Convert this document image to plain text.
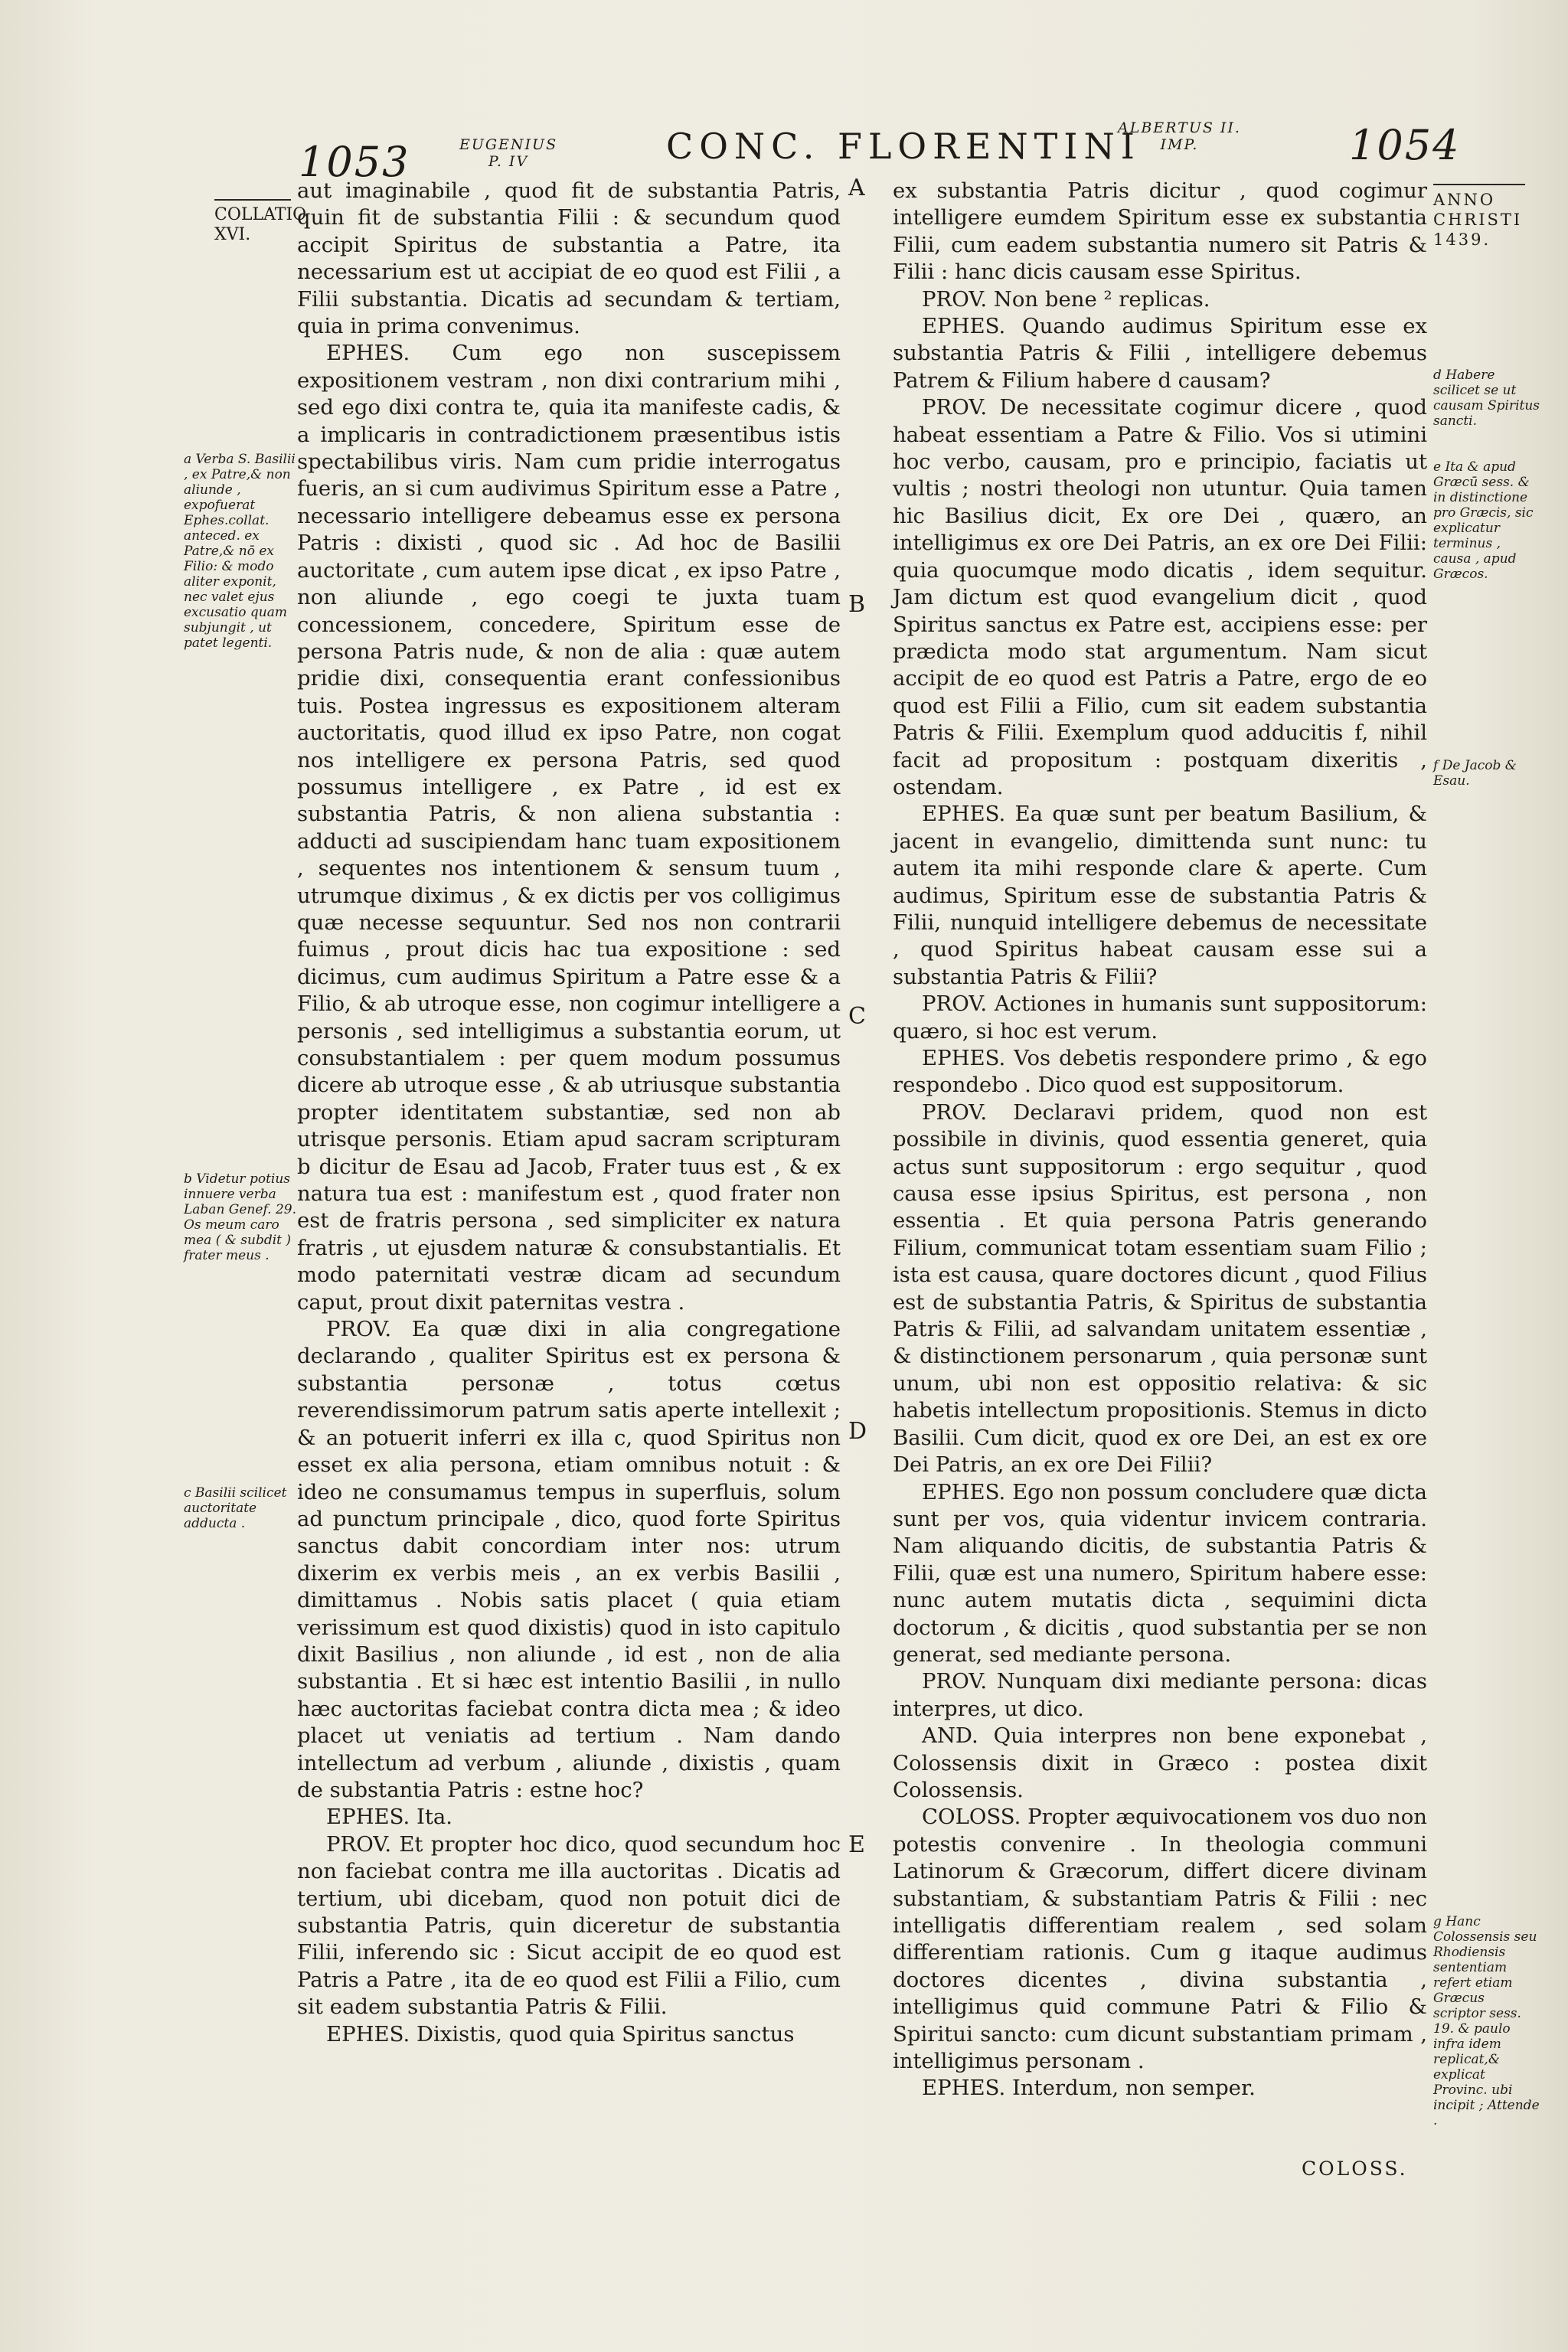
1053	EUGENIUS
P. IV	CONC. FLORENTINI
ALBERTUS II.
IMP.	1054
COLLATIO
XVI.
ANNO
CHRISTI
1439.

a Verba S. Basilii , ex Patre,& non aliunde , expofuerat Ephes.collat. anteced. ex Patre,& nō ex Filio: & modo aliter exponit, nec valet ejus excusatio quam subjungit , ut patet legenti.

b Videtur potius innuere verba Laban Genef. 29. Os meum caro mea ( & subdit ) frater meus .

c Basilii scilicet auctoritate adducta .

d Habere scilicet se ut causam Spiritus sancti.

e Ita & apud Græcū sess. & in distinctione pro Græcis, sic explicatur terminus , causa , apud Græcos.

f De Jacob & Esau.

g Hanc Colossensis seu Rhodiensis sententiam refert etiam Græcus scriptor sess. 19. & paulo infra idem replicat,& explicat Provinc. ubi incipit ; Attende .

A
B
C
D
E

aut imaginabile , quod fit de substantia Patris, quin fit de substantia Filii : & secundum quod accipit Spiritus de substantia a Patre, ita necessarium est ut accipiat de eo quod est Filii , a Filii substantia. Dicatis ad secundam & tertiam, quia in prima convenimus.

EPHES. Cum ego non suscepissem expositionem vestram , non dixi contrarium mihi , sed ego dixi contra te, quia ita manifeste cadis, & a implicaris in contradictionem præsentibus istis spectabilibus viris. Nam cum pridie interrogatus fueris, an si cum audivimus Spiritum esse a Patre , necessario intelligere debeamus esse ex persona Patris : dixisti , quod sic . Ad hoc de Basilii auctoritate , cum autem ipse dicat , ex ipso Patre , non aliunde , ego coegi te juxta tuam concessionem, concedere, Spiritum esse de persona Patris nude, & non de alia : quæ autem pridie dixi, consequentia erant confessionibus tuis. Postea ingressus es expositionem alteram auctoritatis, quod illud ex ipso Patre, non cogat nos intelligere ex persona Patris, sed quod possumus intelligere , ex Patre , id est ex substantia Patris, & non aliena substantia : adducti ad suscipiendam hanc tuam expositionem , sequentes nos intentionem & sensum tuum , utrumque diximus , & ex dictis per vos colligimus quæ necesse sequuntur. Sed nos non contrarii fuimus , prout dicis hac tua expositione : sed dicimus, cum audimus Spiritum a Patre esse & a Filio, & ab utroque esse, non cogimur intelligere a personis , sed intelligimus a substantia eorum, ut consubstantialem : per quem modum possumus dicere ab utroque esse , & ab utriusque substantia propter identitatem substantiæ, sed non ab utrisque personis. Etiam apud sacram scripturam b dicitur de Esau ad Jacob, Frater tuus est , & ex natura tua est : manifestum est , quod frater non est de fratris persona , sed simpliciter ex natura fratris , ut ejusdem naturæ & consubstantialis. Et modo paternitati vestræ dicam ad secundum caput, prout dixit paternitas vestra .

PROV. Ea quæ dixi in alia congregatione declarando , qualiter Spiritus est ex persona & substantia personæ , totus cœtus reverendissimorum patrum satis aperte intellexit ; & an potuerit inferri ex illa c, quod Spiritus non esset ex alia persona, etiam omnibus notuit : & ideo ne consumamus tempus in superfluis, solum ad punctum principale , dico, quod forte Spiritus sanctus dabit concordiam inter nos: utrum dixerim ex verbis meis , an ex verbis Basilii , dimittamus . Nobis satis placet ( quia etiam verissimum est quod dixistis) quod in isto capitulo dixit Basilius , non aliunde , id est , non de alia substantia . Et si hæc est intentio Basilii , in nullo hæc auctoritas faciebat contra dicta mea ; & ideo placet ut veniatis ad tertium . Nam dando intellectum ad verbum , aliunde , dixistis , quam de substantia Patris : estne hoc?

EPHES. Ita.

PROV. Et propter hoc dico, quod secundum hoc non faciebat contra me illa auctoritas . Dicatis ad tertium, ubi dicebam, quod non potuit dici de substantia Patris, quin diceretur de substantia Filii, inferendo sic : Sicut accipit de eo quod est Patris a Patre , ita de eo quod est Filii a Filio, cum sit eadem substantia Patris & Filii.

EPHES. Dixistis, quod quia Spiritus sanctus

ex substantia Patris dicitur , quod cogimur intelligere eumdem Spiritum esse ex substantia Filii, cum eadem substantia numero sit Patris & Filii : hanc dicis causam esse Spiritus.

PROV. Non bene ² replicas.

EPHES. Quando audimus Spiritum esse ex substantia Patris & Filii , intelligere debemus Patrem & Filium habere d causam?

PROV. De necessitate cogimur dicere , quod habeat essentiam a Patre & Filio. Vos si utimini hoc verbo, causam, pro e principio, faciatis ut vultis ; nostri theologi non utuntur. Quia tamen hic Basilius dicit, Ex ore Dei , quæro, an intelligimus ex ore Dei Patris, an ex ore Dei Filii: quia quocumque modo dicatis , idem sequitur. Jam dictum est quod evangelium dicit , quod Spiritus sanctus ex Patre est, accipiens esse: per prædicta modo stat argumentum. Nam sicut accipit de eo quod est Patris a Patre, ergo de eo quod est Filii a Filio, cum sit eadem substantia Patris & Filii. Exemplum quod adducitis f, nihil facit ad propositum : postquam dixeritis , ostendam.

EPHES. Ea quæ sunt per beatum Basilium, & jacent in evangelio, dimittenda sunt nunc: tu autem ita mihi responde clare & aperte. Cum audimus, Spiritum esse de substantia Patris & Filii, nunquid intelligere debemus de necessitate , quod Spiritus habeat causam esse sui a substantia Patris & Filii?

PROV. Actiones in humanis sunt suppositorum: quæro, si hoc est verum.

EPHES. Vos debetis respondere primo , & ego respondebo . Dico quod est suppositorum.

PROV. Declaravi pridem, quod non est possibile in divinis, quod essentia generet, quia actus sunt suppositorum : ergo sequitur , quod causa esse ipsius Spiritus, est persona , non essentia . Et quia persona Patris generando Filium, communicat totam essentiam suam Filio ; ista est causa, quare doctores dicunt , quod Filius est de substantia Patris, & Spiritus de substantia Patris & Filii, ad salvandam unitatem essentiæ , & distinctionem personarum , quia personæ sunt unum, ubi non est oppositio relativa: & sic habetis intellectum propositionis. Stemus in dicto Basilii. Cum dicit, quod ex ore Dei, an est ex ore Dei Patris, an ex ore Dei Filii?

EPHES. Ego non possum concludere quæ dicta sunt per vos, quia videntur invicem contraria. Nam aliquando dicitis, de substantia Patris & Filii, quæ est una numero, Spiritum habere esse: nunc autem mutatis dicta , sequimini dicta doctorum , & dicitis , quod substantia per se non generat, sed mediante persona.

PROV. Nunquam dixi mediante persona: dicas interpres, ut dico.

AND. Quia interpres non bene exponebat , Colossensis dixit in Græco : postea dixit Colossensis.

COLOSS. Propter æquivocationem vos duo non potestis convenire . In theologia communi Latinorum & Græcorum, differt dicere divinam substantiam, & substantiam Patris & Filii : nec intelligatis differentiam realem , sed solam differentiam rationis. Cum g itaque audimus doctores dicentes , divina substantia , intelligimus quid commune Patri & Filio & Spiritui sancto: cum dicunt substantiam primam , intelligimus personam .

EPHES. Interdum, non semper.

COLOSS.
